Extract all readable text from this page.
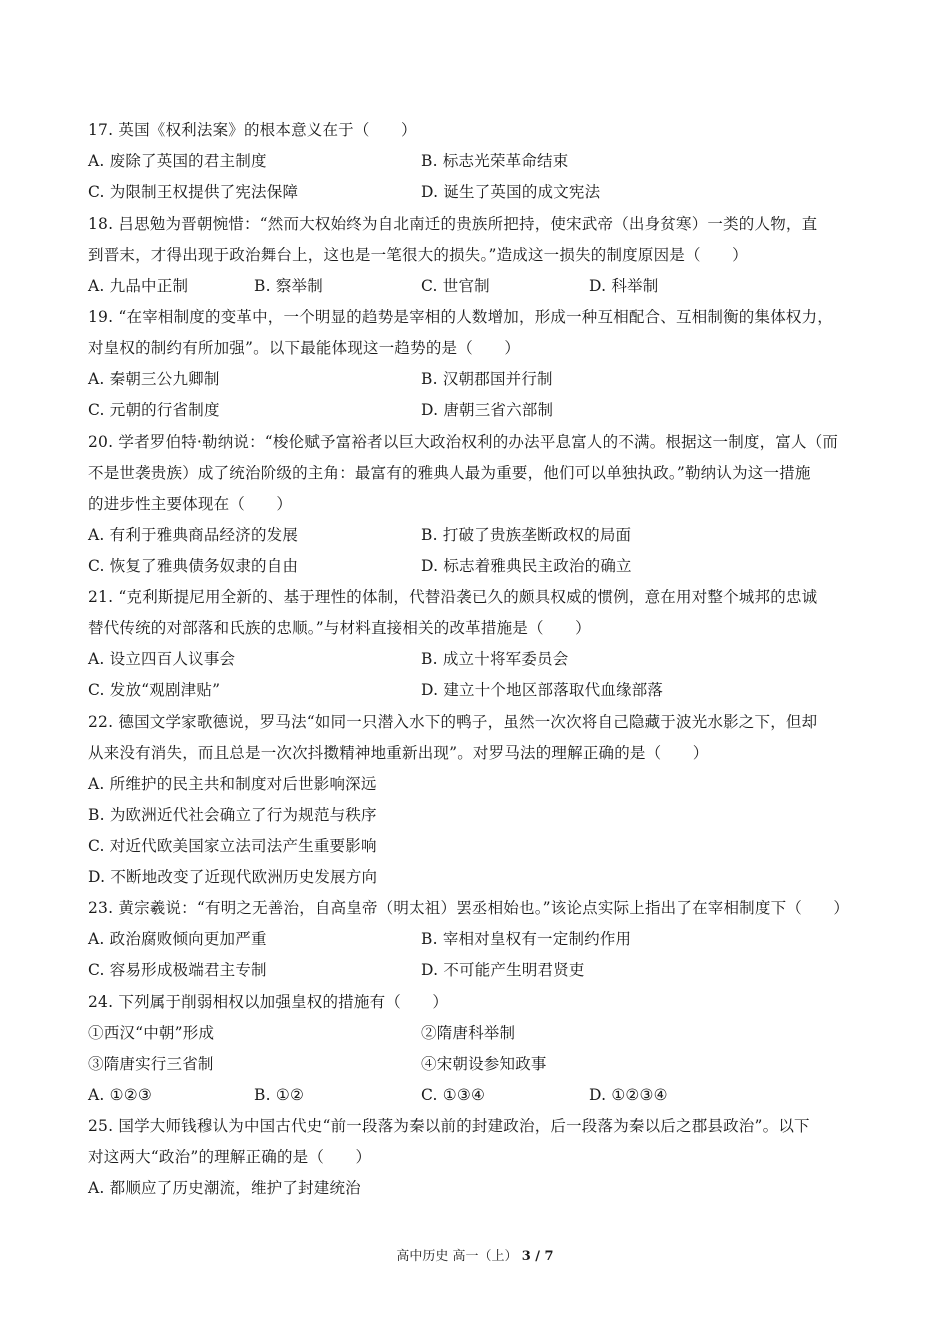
17. 英国《权利法案》的根本意义在于（　　）
A. 废除了英国的君主制度	B. 标志光荣革命结束
C. 为限制王权提供了宪法保障	D. 诞生了英国的成文宪法
18. 吕思勉为晋朝惋惜：“然而大权始终为自北南迁的贵族所把持，使宋武帝（出身贫寒）一类的人物，直
到晋末，才得出现于政治舞台上，这也是一笔很大的损失。”造成这一损失的制度原因是（　　）
A. 九品中正制	B. 察举制	C. 世官制	D. 科举制
19. “在宰相制度的变革中，一个明显的趋势是宰相的人数增加，形成一种互相配合、互相制衡的集体权力，
对皇权的制约有所加强”。以下最能体现这一趋势的是（　　）
A. 秦朝三公九卿制	B. 汉朝郡国并行制
C. 元朝的行省制度	D. 唐朝三省六部制
20. 学者罗伯特·勒纳说：“梭伦赋予富裕者以巨大政治权利的办法平息富人的不满。根据这一制度，富人（而
不是世袭贵族）成了统治阶级的主角：最富有的雅典人最为重要，他们可以单独执政。”勒纳认为这一措施
的进步性主要体现在（　　）
A. 有利于雅典商品经济的发展	B. 打破了贵族垄断政权的局面
C. 恢复了雅典债务奴隶的自由	D. 标志着雅典民主政治的确立
21. “克利斯提尼用全新的、基于理性的体制，代替沿袭已久的颇具权威的惯例，意在用对整个城邦的忠诚
替代传统的对部落和氏族的忠顺。”与材料直接相关的改革措施是（　　）
A. 设立四百人议事会	B. 成立十将军委员会
C. 发放“观剧津贴”	D. 建立十个地区部落取代血缘部落
22. 德国文学家歌德说，罗马法“如同一只潜入水下的鸭子，虽然一次次将自己隐藏于波光水影之下，但却
从来没有消失，而且总是一次次抖擞精神地重新出现”。对罗马法的理解正确的是（　　）
A. 所维护的民主共和制度对后世影响深远
B. 为欧洲近代社会确立了行为规范与秩序
C. 对近代欧美国家立法司法产生重要影响
D. 不断地改变了近现代欧洲历史发展方向
23. 黄宗羲说：“有明之无善治，自高皇帝（明太祖）罢丞相始也。”该论点实际上指出了在宰相制度下（　　）
A. 政治腐败倾向更加严重	B. 宰相对皇权有一定制约作用
C. 容易形成极端君主专制	D. 不可能产生明君贤吏
24. 下列属于削弱相权以加强皇权的措施有（　　）
①西汉“中朝”形成	②隋唐科举制
③隋唐实行三省制	④宋朝设参知政事
A. ①②③	B. ①②	C. ①③④	D. ①②③④
25. 国学大师钱穆认为中国古代史“前一段落为秦以前的封建政治，后一段落为秦以后之郡县政治”。以下
对这两大“政治”的理解正确的是（　　）
A. 都顺应了历史潮流，维护了封建统治
高中历史 高一（上） 3 / 7
